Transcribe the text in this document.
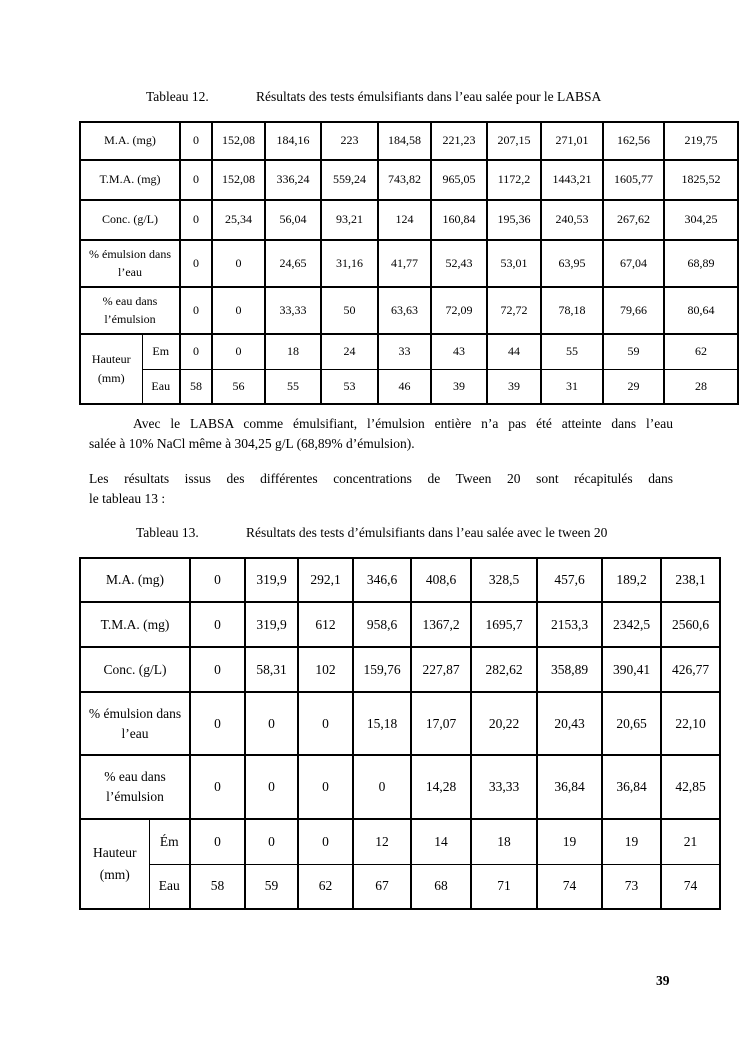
Tableau 12.	Résultats des tests émulsifiants dans l’eau salée pour le LABSA
M.A. (mg)		0	152,08	184,16	223	184,58	221,23	207,15	271,01	162,56	219,75
T.M.A. (mg)		0	152,08	336,24	559,24	743,82	965,05	1172,2	1443,21	1605,77	1825,52
Conc. (g/L)		0	25,34	56,04	93,21	124	160,84	195,36	240,53	267,62	304,25
% émulsion dans l’eau		0	0	24,65	31,16	41,77	52,43	53,01	63,95	67,04	68,89
% eau dans l’émulsion		0	0	33,33	50	63,63	72,09	72,72	78,18	79,66	80,64
Hauteur (mm)	Em	0	0	18	24	33	43	44	55	59	62
	Eau	58	56	55	53	46	39	39	31	29	28
Avec le LABSA comme émulsifiant, l’émulsion entière n’a pas été atteinte dans l’eau
salée à 10% NaCl même à 304,25 g/L (68,89% d’émulsion).
Les résultats issus des différentes concentrations de Tween 20 sont récapitulés dans
le tableau 13 :
Tableau 13.	Résultats des tests d’émulsifiants dans l’eau salée avec le tween 20
M.A. (mg)		0	319,9	292,1	346,6	408,6	328,5	457,6	189,2	238,1
T.M.A. (mg)		0	319,9	612	958,6	1367,2	1695,7	2153,3	2342,5	2560,6
Conc. (g/L)		0	58,31	102	159,76	227,87	282,62	358,89	390,41	426,77
% émulsion dans l’eau		0	0	0	15,18	17,07	20,22	20,43	20,65	22,10
% eau dans l’émulsion		0	0	0	0	14,28	33,33	36,84	36,84	42,85
Hauteur (mm)	Ém	0	0	0	12	14	18	19	19	21
	Eau	58	59	62	67	68	71	74	73	74
39
